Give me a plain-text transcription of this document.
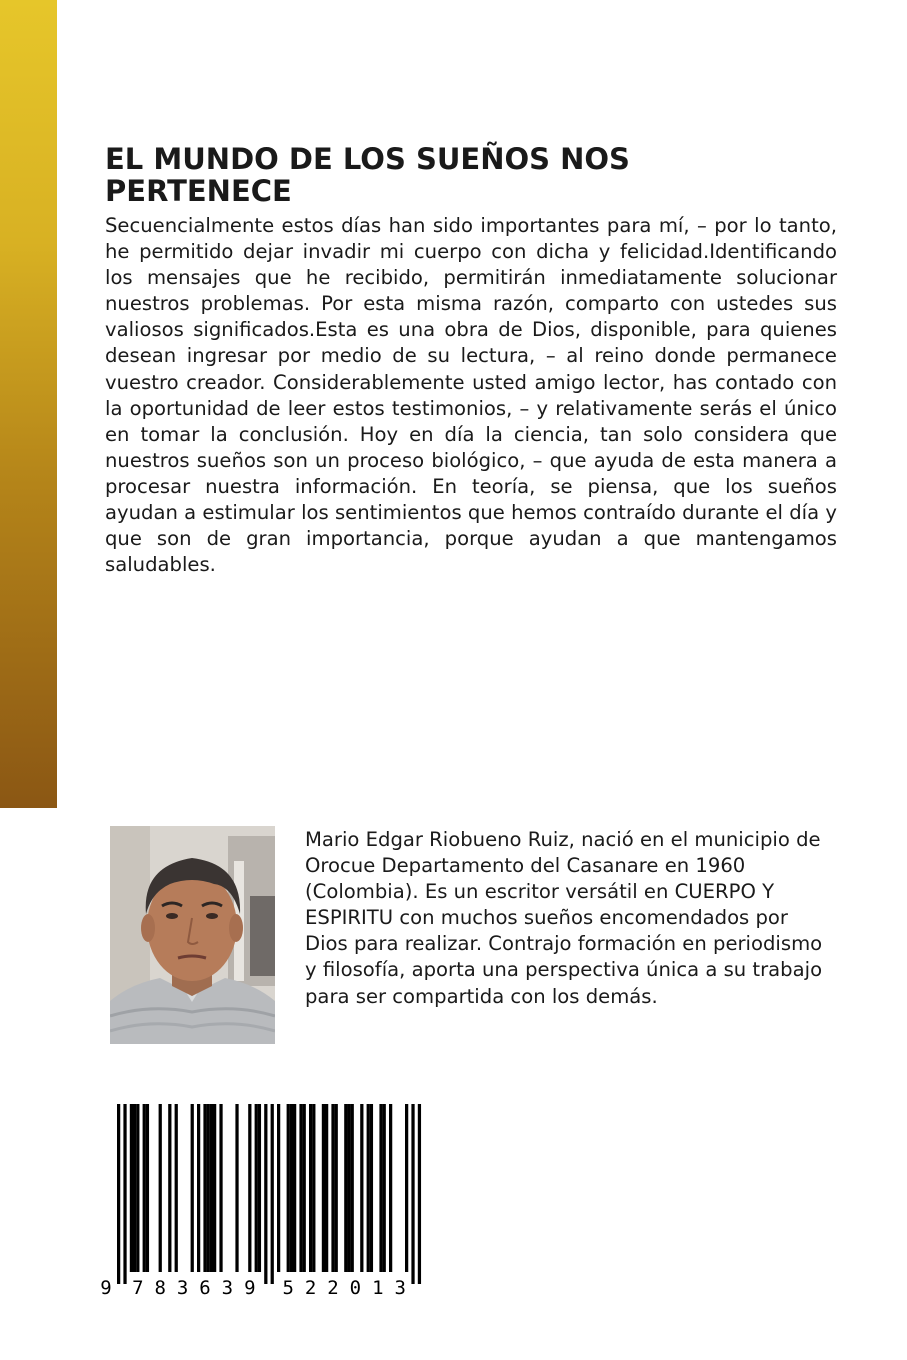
EL MUNDO DE LOS SUEÑOS NOS PERTENECE

Secuencialmente estos días han sido importantes para mí, – por lo tanto, he permitido dejar invadir mi cuerpo con dicha y felicidad.Identificando los mensajes que he recibido, permitirán inmediatamente solucionar nuestros problemas. Por esta misma razón, comparto con ustedes sus valiosos significados.Esta es una obra de Dios, disponible, para quienes desean ingresar por medio de su lectura, – al reino donde permanece vuestro creador. Considerablemente usted amigo lector, has contado con la oportunidad de leer estos testimonios, – y relativamente serás el único en tomar la conclusión. Hoy en día la ciencia, tan solo considera que nuestros sueños son un proceso biológico, – que ayuda de esta manera a procesar nuestra información. En teoría, se piensa, que los sueños ayudan a estimular los sentimientos que hemos contraído durante el día y que son de gran importancia, porque ayudan a que mantengamos saludables.

Mario Edgar Riobueno Ruiz, nació en el municipio de Orocue Departamento del Casanare en 1960 (Colombia). Es un escritor versátil en CUERPO Y ESPIRITU con muchos sueños encomendados por Dios para realizar. Contrajo formación en periodismo y filosofía, aporta una perspectiva única a su trabajo para ser compartida con los demás.

9 7 8 3 6 3 9 5 2 2 0 1 3
